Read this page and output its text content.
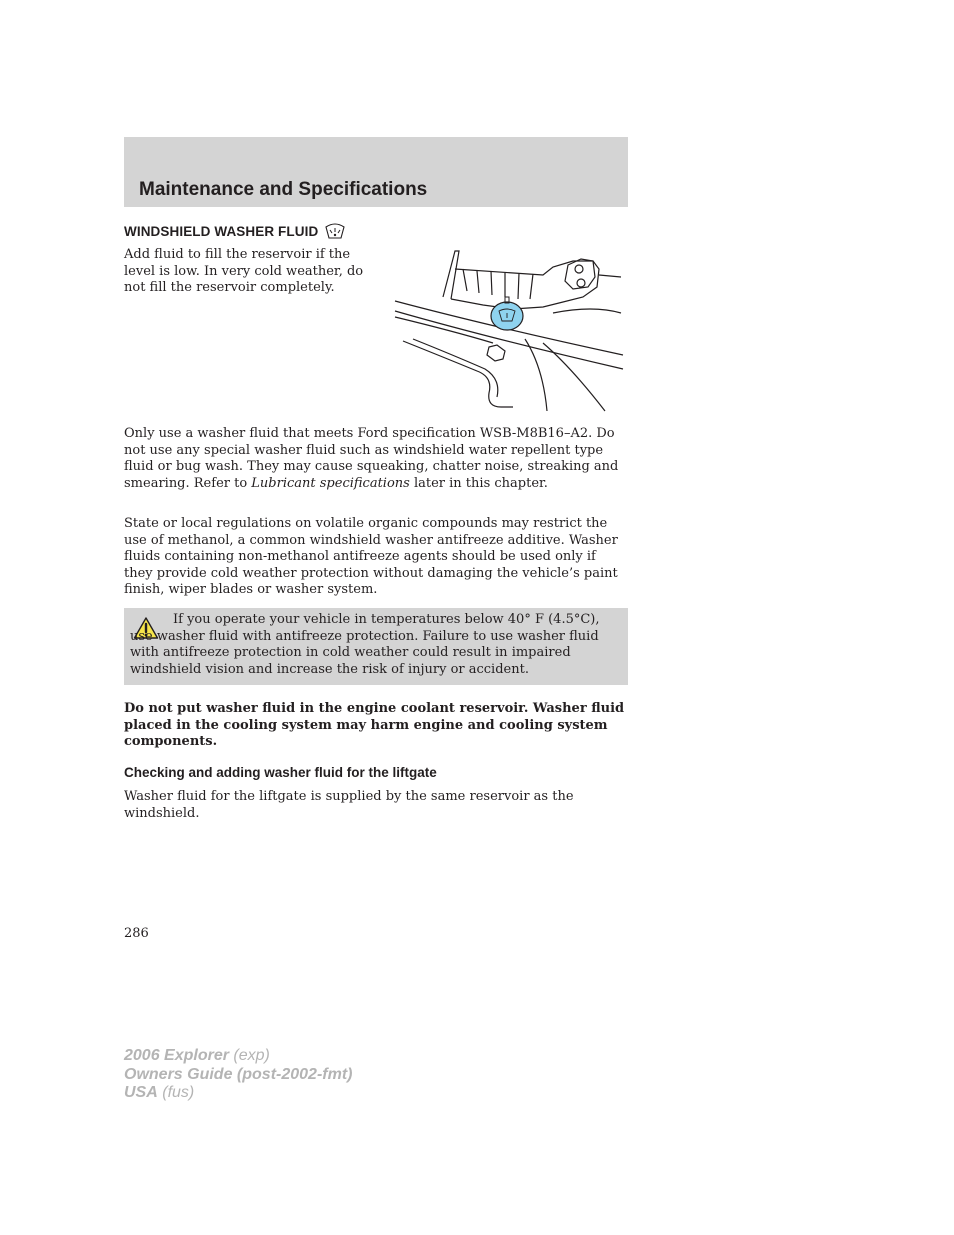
Maintenance and Specifications
WINDSHIELD WASHER FLUID

Add fluid to fill the reservoir if the level is low. In very cold weather, do not fill the reservoir completely.

Only use a washer fluid that meets Ford specification WSB-M8B16–A2. Do not use any special washer fluid such as windshield water repellent type fluid or bug wash. They may cause squeaking, chatter noise, streaking and smearing. Refer to Lubricant specifications later in this chapter.

State or local regulations on volatile organic compounds may restrict the use of methanol, a common windshield washer antifreeze additive. Washer fluids containing non-methanol antifreeze agents should be used only if they provide cold weather protection without damaging the vehicle’s paint finish, wiper blades or washer system.

If you operate your vehicle in temperatures below 40° F (4.5°C), use washer fluid with antifreeze protection. Failure to use washer fluid with antifreeze protection in cold weather could result in impaired windshield vision and increase the risk of injury or accident.

Do not put washer fluid in the engine coolant reservoir. Washer fluid placed in the cooling system may harm engine and cooling system components.

Checking and adding washer fluid for the liftgate

Washer fluid for the liftgate is supplied by the same reservoir as the windshield.

286

2006 Explorer (exp)
Owners Guide (post-2002-fmt)
USA (fus)
